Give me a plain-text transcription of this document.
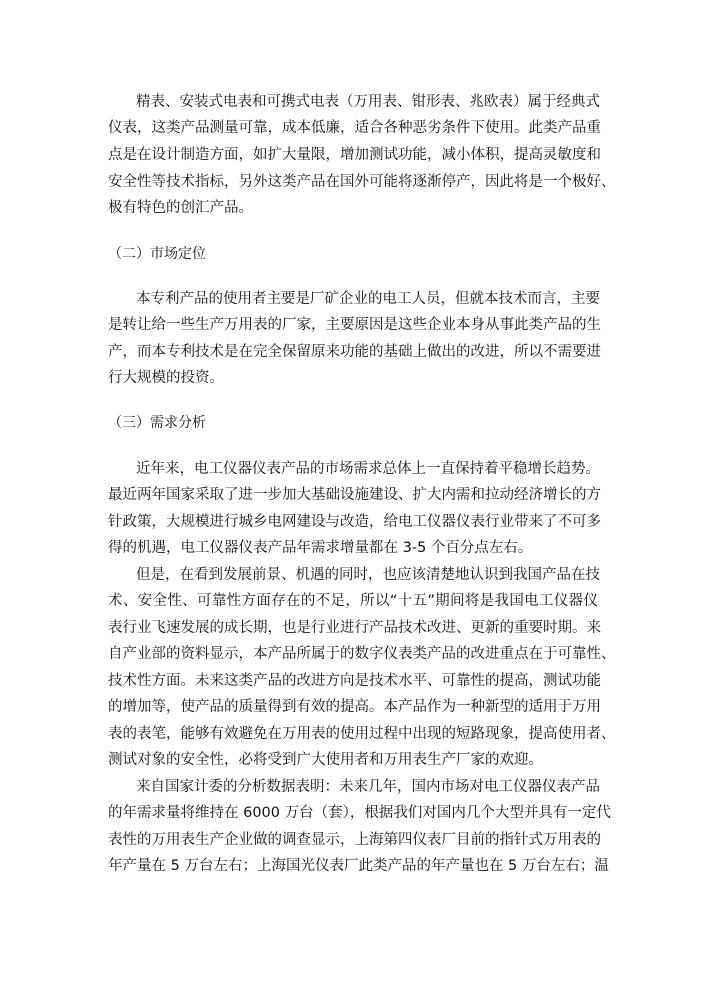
精表、安装式电表和可携式电表（万用表、钳形表、兆欧表）属于经典式
仪表，这类产品测量可靠，成本低廉，适合各种恶劣条件下使用。此类产品重
点是在设计制造方面，如扩大量限，增加测试功能，减小体积，提高灵敏度和
安全性等技术指标，另外这类产品在国外可能将逐渐停产，因此将是一个极好、
极有特色的创汇产品。
（二）市场定位
本专利产品的使用者主要是厂矿企业的电工人员，但就本技术而言，主要
是转让给一些生产万用表的厂家，主要原因是这些企业本身从事此类产品的生
产，而本专利技术是在完全保留原来功能的基础上做出的改进，所以不需要进
行大规模的投资。
（三）需求分析
近年来，电工仪器仪表产品的市场需求总体上一直保持着平稳增长趋势。
最近两年国家采取了进一步加大基础设施建设、扩大内需和拉动经济增长的方
针政策，大规模进行城乡电网建设与改造，给电工仪器仪表行业带来了不可多
得的机遇，电工仪器仪表产品年需求增量都在 3-5 个百分点左右。
但是，在看到发展前景、机遇的同时，也应该清楚地认识到我国产品在技
术、安全性、可靠性方面存在的不足，所以“十五”期间将是我国电工仪器仪
表行业飞速发展的成长期，也是行业进行产品技术改进、更新的重要时期。来
自产业部的资料显示，本产品所属于的数字仪表类产品的改进重点在于可靠性、
技术性方面。未来这类产品的改进方向是技术水平、可靠性的提高，测试功能
的增加等，使产品的质量得到有效的提高。本产品作为一种新型的适用于万用
表的表笔，能够有效避免在万用表的使用过程中出现的短路现象，提高使用者、
测试对象的安全性，必将受到广大使用者和万用表生产厂家的欢迎。
来自国家计委的分析数据表明：未来几年，国内市场对电工仪器仪表产品
的年需求量将维持在 6000 万台（套），根据我们对国内几个大型并具有一定代
表性的万用表生产企业做的调查显示，上海第四仪表厂目前的指针式万用表的
年产量在 5 万台左右；上海国光仪表厂此类产品的年产量也在 5 万台左右；温
